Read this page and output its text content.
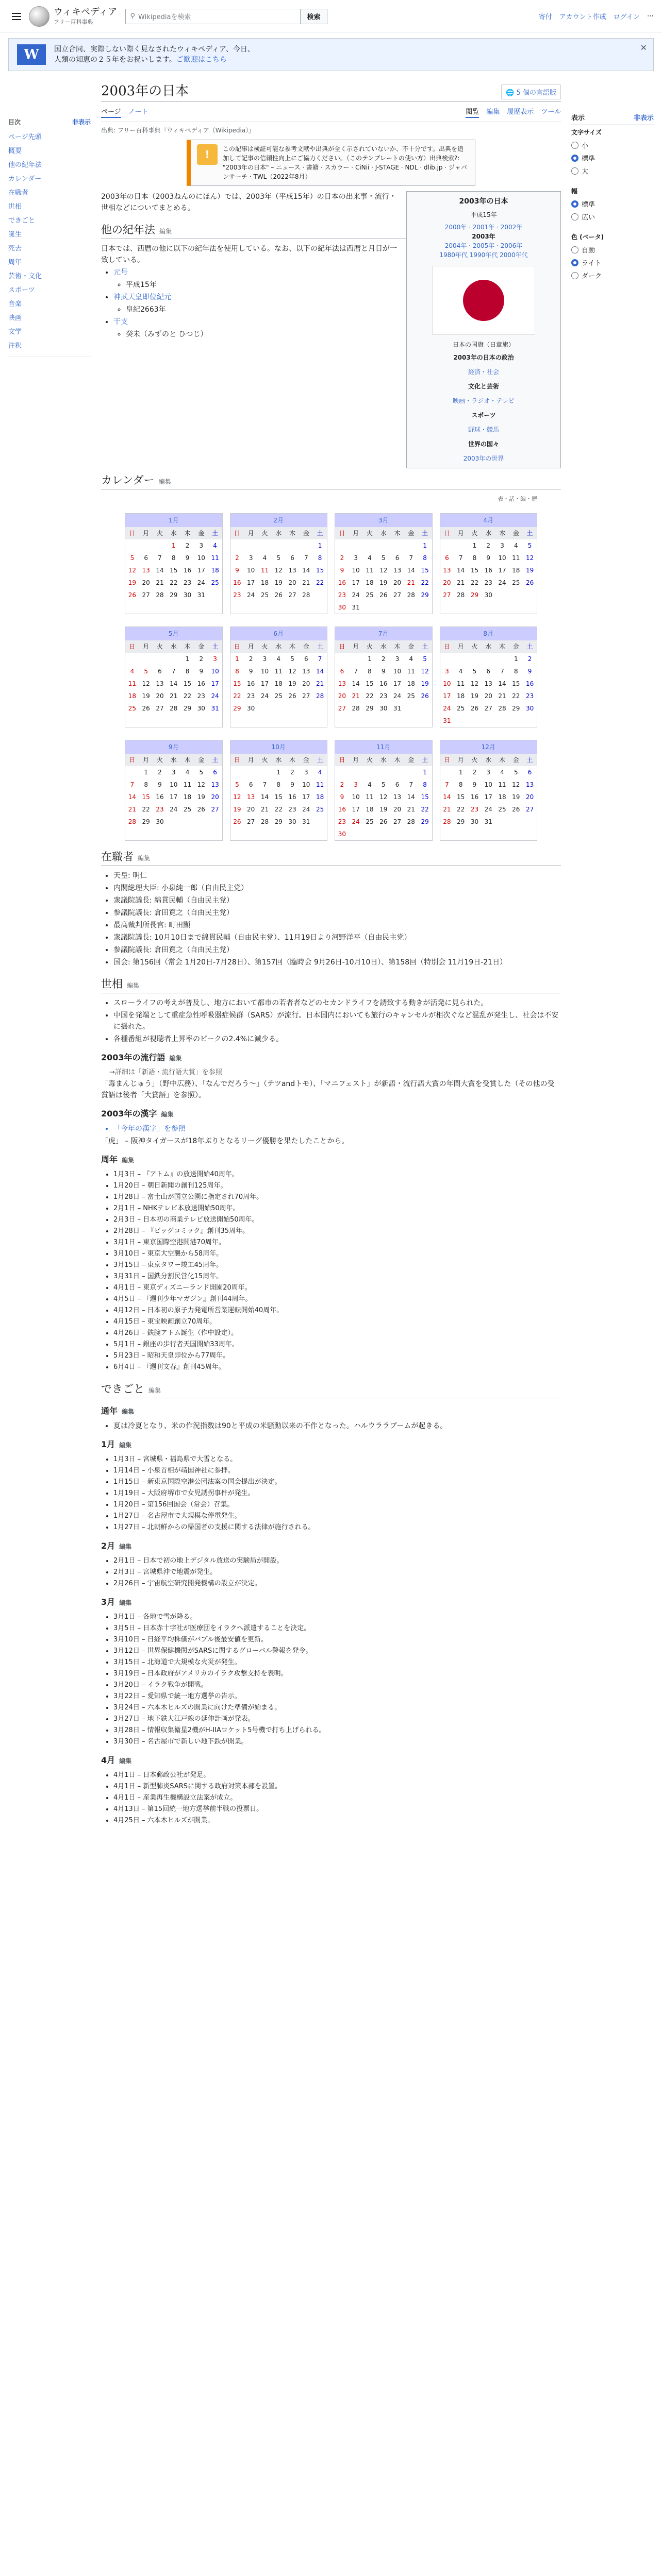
ウィキペディア
フリー百科事典
⚲ Wikipediaを検索	検索	寄付 アカウント作成 ログイン ⋯
W	国立合同、実際しない際く見なされたウィキペディア、今日、
人類の知恵の２５年をお祝いします。ご歓迎はこちら
✕
目次	非表示
ページ先頭
概要
他の紀年法
カレンダー
在職者
世相
できごと
誕生
死去
周年
芸術・文化
スポーツ
音楽
映画
文学
注釈
2003年の日本	🌐 5 個の言語版
ページ ノート	閲覧 編集 履歴表示 ツール
出典: フリー百科事典『ウィキペディア（Wikipedia）』
!	この記事は検証可能な参考文献や出典が全く示されていないか、不十分です。出典を追加して記事の信頼性向上にご協力ください。（このテンプレートの使い方）出典検索?: "2003年の日本" – ニュース · 書籍 · スカラー · CiNii · J-STAGE · NDL · dlib.jp · ジャパンサーチ · TWL（2022年8月）
2003年の日本
平成15年
2000年 · 2001年 · 2002年
2003年
2004年 · 2005年 · 2006年
1980年代 1990年代 2000年代
日本の国旗（日章旗）
2003年の日本の政治
経済・社会
文化と芸術
映画・ラジオ・テレビ
スポーツ
野球・競馬
世界の国々
2003年の世界

2003年の日本（2003ねんのにほん）では、2003年（平成15年）の日本の出来事・流行・世相などについてまとめる。

他の紀年法 編集

日本では、西暦の他に以下の紀年法を使用している。なお、以下の紀年法は西暦と月日が一致している。

• 元号
◦ 平成15年
• 神武天皇即位紀元
◦ 皇紀2663年
• 干支
◦ 癸未（みずのと ひつじ）
カレンダー 編集
表・話・編・歴
1月
日	月	火	水	木	金	土
			1	2	3	4
5	6	7	8	9	10	11
12	13	14	15	16	17	18
19	20	21	22	23	24	25
26	27	28	29	30	31	
2月
日	月	火	水	木	金	土
						1
2	3	4	5	6	7	8
9	10	11	12	13	14	15
16	17	18	19	20	21	22
23	24	25	26	27	28	
3月
日	月	火	水	木	金	土
						1
2	3	4	5	6	7	8
9	10	11	12	13	14	15
16	17	18	19	20	21	22
23	24	25	26	27	28	29
30	31					
4月
日	月	火	水	木	金	土
		1	2	3	4	5
6	7	8	9	10	11	12
13	14	15	16	17	18	19
20	21	22	23	24	25	26
27	28	29	30			
5月
日	月	火	水	木	金	土
				1	2	3
4	5	6	7	8	9	10
11	12	13	14	15	16	17
18	19	20	21	22	23	24
25	26	27	28	29	30	31
6月
日	月	火	水	木	金	土
1	2	3	4	5	6	7
8	9	10	11	12	13	14
15	16	17	18	19	20	21
22	23	24	25	26	27	28
29	30					
7月
日	月	火	水	木	金	土
		1	2	3	4	5
6	7	8	9	10	11	12
13	14	15	16	17	18	19
20	21	22	23	24	25	26
27	28	29	30	31		
8月
日	月	火	水	木	金	土
					1	2
3	4	5	6	7	8	9
10	11	12	13	14	15	16
17	18	19	20	21	22	23
24	25	26	27	28	29	30
31						
9月
日	月	火	水	木	金	土
	1	2	3	4	5	6
7	8	9	10	11	12	13
14	15	16	17	18	19	20
21	22	23	24	25	26	27
28	29	30				
10月
日	月	火	水	木	金	土
			1	2	3	4
5	6	7	8	9	10	11
12	13	14	15	16	17	18
19	20	21	22	23	24	25
26	27	28	29	30	31	
11月
日	月	火	水	木	金	土
						1
2	3	4	5	6	7	8
9	10	11	12	13	14	15
16	17	18	19	20	21	22
23	24	25	26	27	28	29
30						
12月
日	月	火	水	木	金	土
	1	2	3	4	5	6
7	8	9	10	11	12	13
14	15	16	17	18	19	20
21	22	23	24	25	26	27
28	29	30	31			
在職者 編集
• 天皇: 明仁
• 内閣総理大臣: 小泉純一郎（自由民主党）
• 衆議院議長: 綿貫民輔（自由民主党）
• 参議院議長: 倉田寛之（自由民主党）
• 最高裁判所長官: 町田顯
• 衆議院議長: 10月10日まで綿貫民輔（自由民主党）、11月19日より河野洋平（自由民主党）
• 参議院議長: 倉田寛之（自由民主党）
• 国会: 第156回（常会 1月20日-7月28日）、第157回（臨時会 9月26日-10月10日）、第158回（特別会 11月19日-21日）
世相 編集
• スローライフの考えが普及し、地方において都市の若者者などのセカンドライフを誘致する動きが活発に見られた。
• 中国を発端として重症急性呼吸器症候群（SARS）が流行。日本国内においても旅行のキャンセルが相次ぐなど混乱が発生し、社会は不安に揺れた。
• 各種番組が視聴者上昇率のピークの2.4%に減少る。
2003年の流行語 編集

→詳細は「新語・流行語大賞」を参照

「毒まんじゅう」（野中広務）、「なんでだろう〜」（テツandトモ）、「マニフェスト」が新語・流行語大賞の年間大賞を受賞した（その他の受賞語は後者「大賞語」を参照）。

2003年の漢字 編集
• 「今年の漢字」を参照

「虎」 – 阪神タイガースが18年ぶりとなるリーグ優勝を果たしたことから。

周年 編集
• 1月3日 – 『アトム』の放送開始40周年。
• 1月20日 – 朝日新聞の創刊125周年。
• 1月28日 – 富士山が国立公園に指定され70周年。
• 2月1日 – NHKテレビ本放送開始50周年。
• 2月3日 – 日本初の商業テレビ放送開始50周年。
• 2月28日 – 『ビッグコミック』創刊35周年。
• 3月1日 – 東京国際空港開港70周年。
• 3月10日 – 東京大空襲から58周年。
• 3月15日 – 東京タワー竣工45周年。
• 3月31日 – 国鉄分割民営化15周年。
• 4月1日 – 東京ディズニーランド開園20周年。
• 4月5日 – 『週刊少年マガジン』創刊44周年。
• 4月12日 – 日本初の原子力発電所営業運転開始40周年。
• 4月15日 – 東宝映画創立70周年。
• 4月26日 – 鉄腕アトム誕生（作中設定）。
• 5月1日 – 銀座の歩行者天国開始33周年。
• 5月23日 – 昭和天皇即位から77周年。
• 6月4日 – 『週刊文春』創刊45周年。
できごと 編集
通年 編集
• 夏は冷夏となり、米の作況指数は90と平成の米騒動以来の不作となった。ハルウララブームが起きる。
1月 編集
• 1月3日 – 宮城県・福島県で大雪となる。
• 1月14日 – 小泉首相が靖国神社に参拝。
• 1月15日 – 新東京国際空港公団法案の国会提出が決定。
• 1月19日 – 大阪府堺市で女児誘拐事件が発生。
• 1月20日 – 第156回国会（常会）召集。
• 1月27日 – 名古屋市で大規模な停電発生。
• 1月27日 – 北朝鮮からの帰国者の支援に関する法律が施行される。
2月 編集
• 2月1日 – 日本で初の地上デジタル放送の実験局が開設。
• 2月3日 – 宮城県沖で地震が発生。
• 2月26日 – 宇宙航空研究開発機構の設立が決定。
3月 編集
• 3月1日 – 各地で雪が降る。
• 3月5日 – 日本赤十字社が医療団をイラクへ派遣することを決定。
• 3月10日 – 日経平均株価がバブル後最安値を更新。
• 3月12日 – 世界保健機関がSARSに関するグローバル警報を発令。
• 3月15日 – 北海道で大規模な火災が発生。
• 3月19日 – 日本政府がアメリカのイラク攻撃支持を表明。
• 3月20日 – イラク戦争が開戦。
• 3月22日 – 愛知県で統一地方選挙の告示。
• 3月24日 – 六本木ヒルズの開業に向けた準備が始まる。
• 3月27日 – 地下鉄大江戸線の延伸計画が発表。
• 3月28日 – 情報収集衛星2機がH-IIAロケット5号機で打ち上げられる。
• 3月30日 – 名古屋市で新しい地下鉄が開業。
4月 編集
• 4月1日 – 日本郵政公社が発足。
• 4月1日 – 新型肺炎SARSに関する政府対策本部を設置。
• 4月1日 – 産業再生機構設立法案が成立。
• 4月13日 – 第15回統一地方選挙前半戦の投票日。
• 4月25日 – 六本木ヒルズが開業。
表示	非表示
文字サイズ
小
標準
大
幅
標準
広い
色 (ベータ)
自動
ライト
ダーク
